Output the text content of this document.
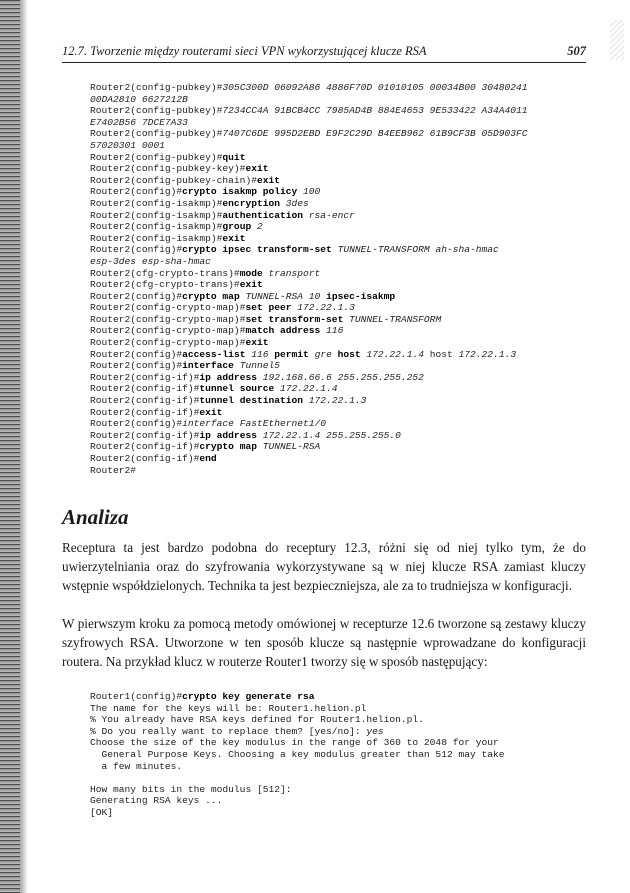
12.7. Tworzenie między routerami sieci VPN wykorzystującej klucze RSA	507
Router2(config-pubkey)#305C300D 06092A86 4886F70D 01010105 00034B00 30480241
00DA2810 6627212B
Router2(config-pubkey)#7234CC4A 91BCB4CC 7985AD4B 884E4653 9E533422 A34A4011
E7402B56 7DCE7A33
Router2(config-pubkey)#7407C6DE 995D2EBD E9F2C29D B4EEB962 61B9CF3B 05D903FC
57020301 0001
Router2(config-pubkey)#quit
Router2(config-pubkey-key)#exit
Router2(config-pubkey-chain)#exit
Router2(config)#crypto isakmp policy 100
Router2(config-isakmp)#encryption 3des
Router2(config-isakmp)#authentication rsa-encr
Router2(config-isakmp)#group 2
Router2(config-isakmp)#exit
Router2(config)#crypto ipsec transform-set TUNNEL-TRANSFORM ah-sha-hmac
esp-3des esp-sha-hmac
Router2(cfg-crypto-trans)#mode transport
Router2(cfg-crypto-trans)#exit
Router2(config)#crypto map TUNNEL-RSA 10 ipsec-isakmp
Router2(config-crypto-map)#set peer 172.22.1.3
Router2(config-crypto-map)#set transform-set TUNNEL-TRANSFORM
Router2(config-crypto-map)#match address 116
Router2(config-crypto-map)#exit
Router2(config)#access-list 116 permit gre host 172.22.1.4 host 172.22.1.3
Router2(config)#interface Tunnel5
Router2(config-if)#ip address 192.168.66.6 255.255.255.252
Router2(config-if)#tunnel source 172.22.1.4
Router2(config-if)#tunnel destination 172.22.1.3
Router2(config-if)#exit
Router2(config)#interface FastEthernet1/0
Router2(config-if)#ip address 172.22.1.4 255.255.255.0
Router2(config-if)#crypto map TUNNEL-RSA
Router2(config-if)#end
Router2#
Analiza
Receptura ta jest bardzo podobna do receptury 12.3, różni się od niej tylko tym, że do uwierzytelniania oraz do szyfrowania wykorzystywane są w niej klucze RSA zamiast kluczy wstępnie współdzielonych. Technika ta jest bezpieczniejsza, ale za to trudniejsza w konfiguracji.
W pierwszym kroku za pomocą metody omówionej w recepturze 12.6 tworzone są zestawy kluczy szyfrowych RSA. Utworzone w ten sposób klucze są następnie wprowadzane do konfiguracji routera. Na przykład klucz w routerze Router1 tworzy się w sposób następujący:
Router1(config)#crypto key generate rsa
The name for the keys will be: Router1.helion.pl
% You already have RSA keys defined for Router1.helion.pl.
% Do you really want to replace them? [yes/no]: yes
Choose the size of the key modulus in the range of 360 to 2048 for your
General Purpose Keys. Choosing a key modulus greater than 512 may take
a few minutes.
How many bits in the modulus [512]:
Generating RSA keys ...
[OK]
